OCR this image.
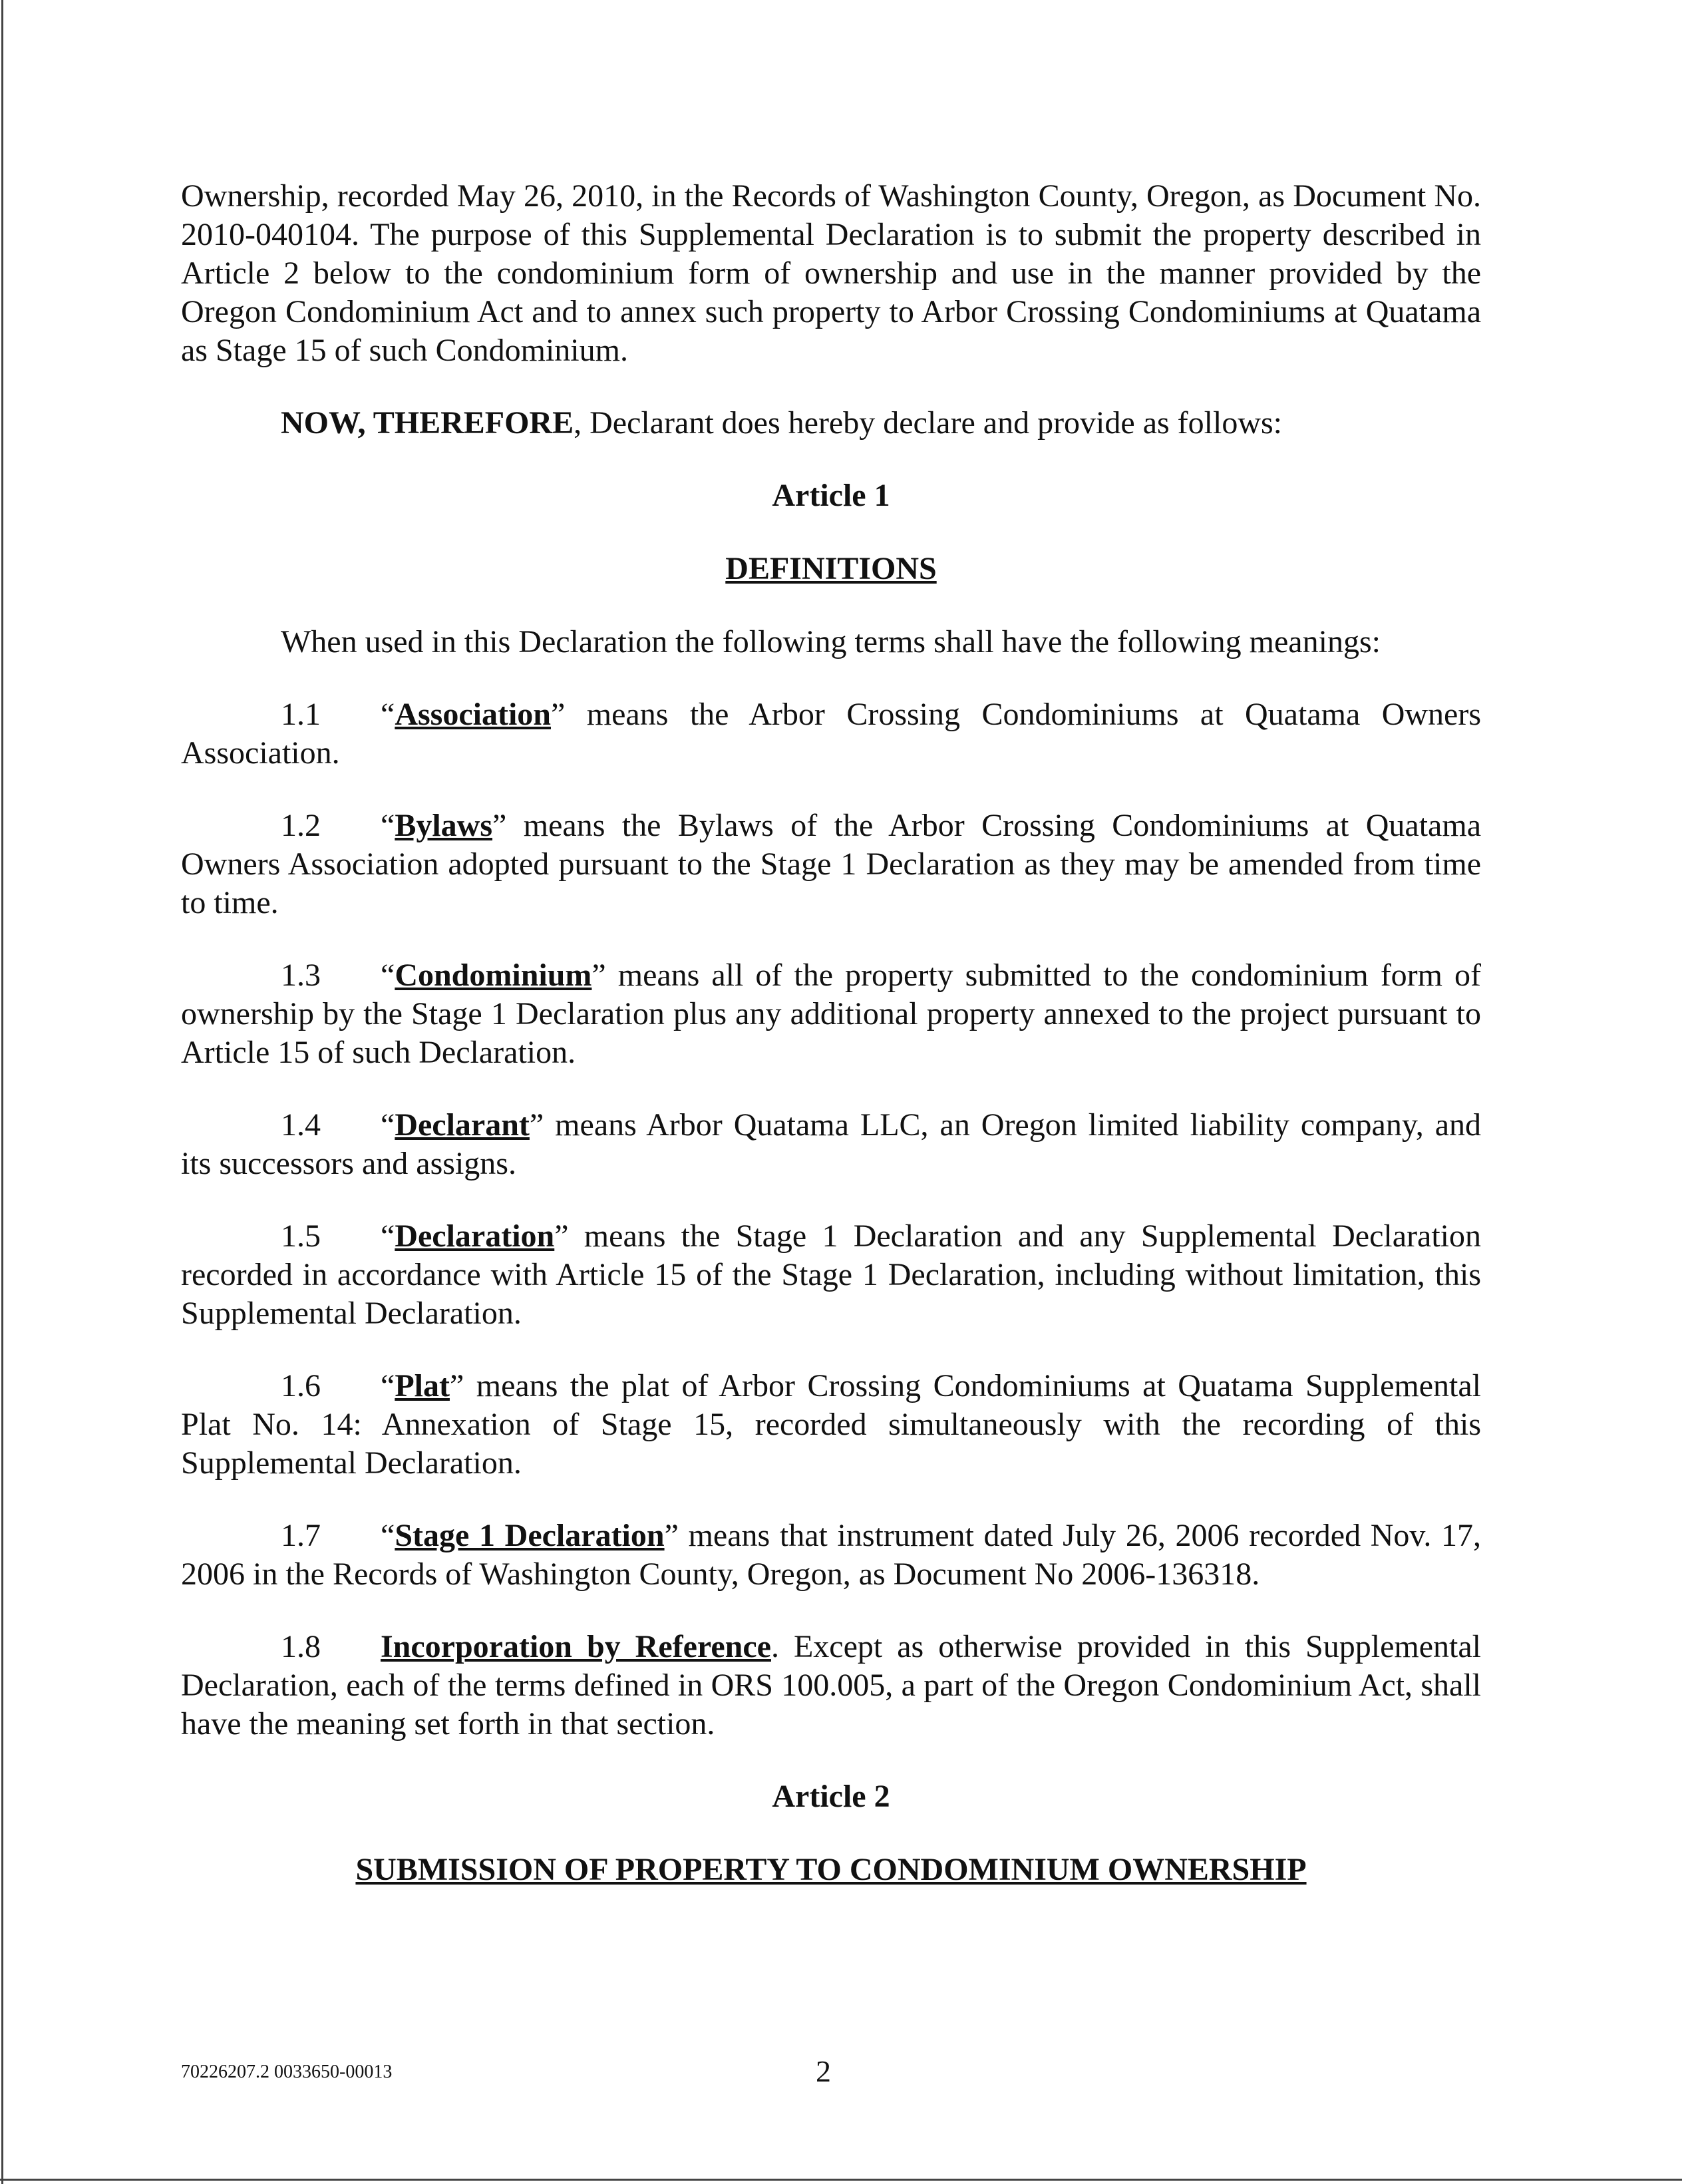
Ownership, recorded May 26, 2010, in the Records of Washington County, Oregon, as Document No. 2010-040104. The purpose of this Supplemental Declaration is to submit the property described in Article 2 below to the condominium form of ownership and use in the manner provided by the Oregon Condominium Act and to annex such property to Arbor Crossing Condominiums at Quatama as Stage 15 of such Condominium.

NOW, THEREFORE, Declarant does hereby declare and provide as follows:

Article 1
DEFINITIONS

When used in this Declaration the following terms shall have the following meanings:

1.1 “Association” means the Arbor Crossing Condominiums at Quatama Owners Association.

1.2 “Bylaws” means the Bylaws of the Arbor Crossing Condominiums at Quatama Owners Association adopted pursuant to the Stage 1 Declaration as they may be amended from time to time.

1.3 “Condominium” means all of the property submitted to the condominium form of ownership by the Stage 1 Declaration plus any additional property annexed to the project pursuant to Article 15 of such Declaration.

1.4 “Declarant” means Arbor Quatama LLC, an Oregon limited liability company, and its successors and assigns.

1.5 “Declaration” means the Stage 1 Declaration and any Supplemental Declaration recorded in accordance with Article 15 of the Stage 1 Declaration, including without limitation, this Supplemental Declaration.

1.6 “Plat” means the plat of Arbor Crossing Condominiums at Quatama Supplemental Plat No. 14: Annexation of Stage 15, recorded simultaneously with the recording of this Supplemental Declaration.

1.7 “Stage 1 Declaration” means that instrument dated July 26, 2006 recorded Nov. 17, 2006 in the Records of Washington County, Oregon, as Document No 2006-136318.

1.8 Incorporation by Reference. Except as otherwise provided in this Supplemental Declaration, each of the terms defined in ORS 100.005, a part of the Oregon Condominium Act, shall have the meaning set forth in that section.

Article 2
SUBMISSION OF PROPERTY TO CONDOMINIUM OWNERSHIP
70226207.2 0033650-00013	2
